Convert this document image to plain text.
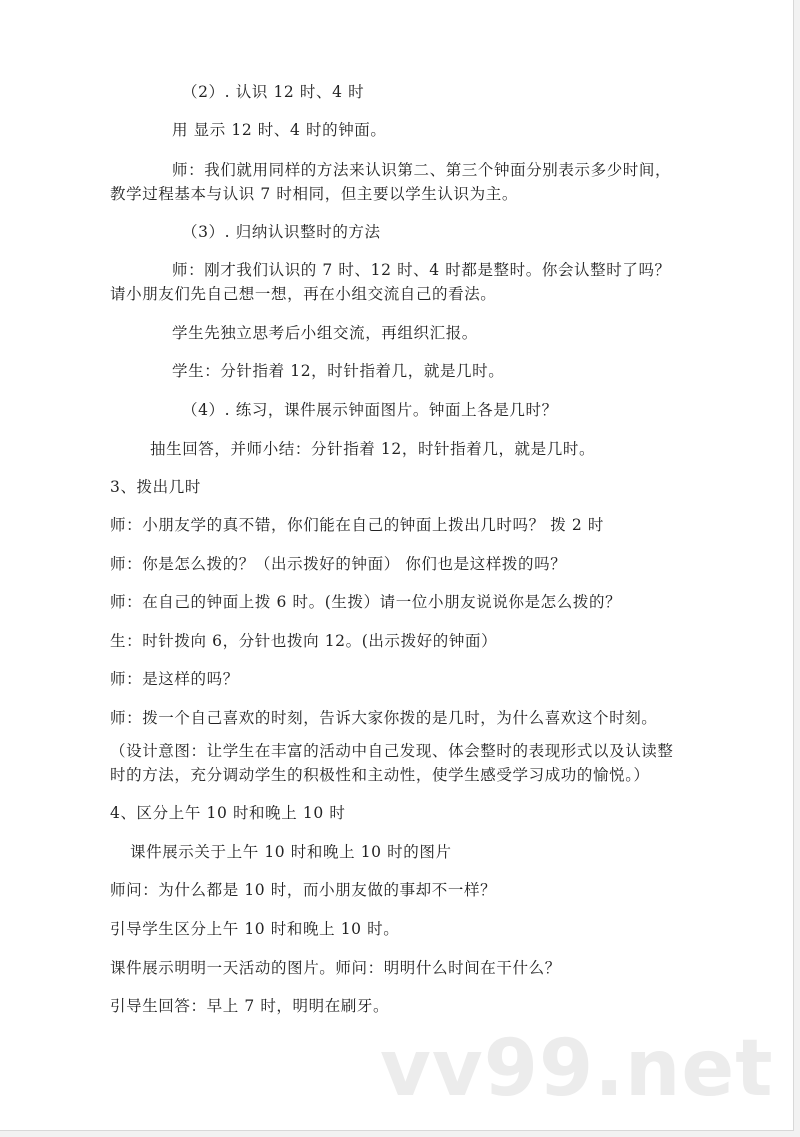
（2）. 认识 12 时、4 时
用 显示 12 时、4 时的钟面。
师：我们就用同样的方法来认识第二、第三个钟面分别表示多少时间，
教学过程基本与认识 7 时相同，但主要以学生认识为主。
（3）. 归纳认识整时的方法
师：刚才我们认识的 7 时、12 时、4 时都是整时。你会认整时了吗？
请小朋友们先自己想一想，再在小组交流自己的看法。
学生先独立思考后小组交流，再组织汇报。
学生：分针指着 12，时针指着几，就是几时。
（4）. 练习，课件展示钟面图片。钟面上各是几时？
抽生回答，并师小结：分针指着 12，时针指着几，就是几时。
3、拨出几时
师：小朋友学的真不错，你们能在自己的钟面上拨出几时吗？ 拨 2 时
师：你是怎么拨的？（出示拨好的钟面） 你们也是这样拨的吗？
师：在自己的钟面上拨 6 时。(生拨）请一位小朋友说说你是怎么拨的？
生：时针拨向 6，分针也拨向 12。(出示拨好的钟面）
师：是这样的吗？
师：拨一个自己喜欢的时刻，告诉大家你拨的是几时，为什么喜欢这个时刻。
（设计意图：让学生在丰富的活动中自己发现、体会整时的表现形式以及认读整
时的方法，充分调动学生的积极性和主动性，使学生感受学习成功的愉悦。）
4、区分上午 10 时和晚上 10 时
课件展示关于上午 10 时和晚上 10 时的图片
师问：为什么都是 10 时，而小朋友做的事却不一样？
引导学生区分上午 10 时和晚上 10 时。
课件展示明明一天活动的图片。师问：明明什么时间在干什么？
引导生回答：早上 7 时，明明在刷牙。
vv99.net
